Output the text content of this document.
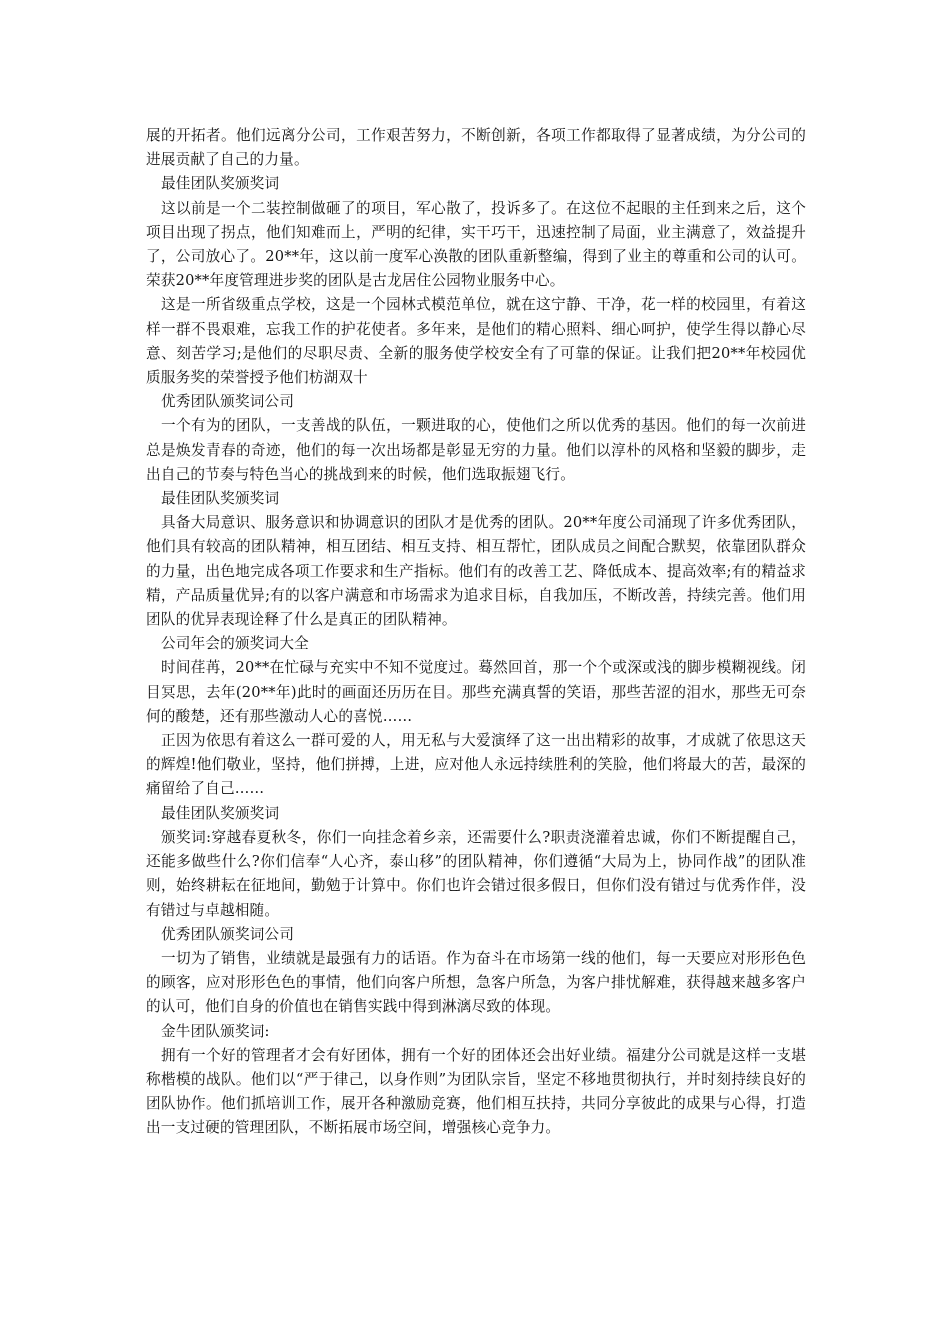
展的开拓者。他们远离分公司，工作艰苦努力，不断创新，各项工作都取得了显著成绩，为分公司的进展贡献了自己的力量。

最佳团队奖颁奖词

这以前是一个二装控制做砸了的项目，军心散了，投诉多了。在这位不起眼的主任到来之后，这个项目出现了拐点，他们知难而上，严明的纪律，实干巧干，迅速控制了局面，业主满意了，效益提升了，公司放心了。20**年，这以前一度军心涣散的团队重新整编，得到了业主的尊重和公司的认可。荣获20**年度管理进步奖的团队是古龙居住公园物业服务中心。

这是一所省级重点学校，这是一个园林式模范单位，就在这宁静、干净，花一样的校园里，有着这样一群不畏艰难，忘我工作的护花使者。多年来，是他们的精心照料、细心呵护，使学生得以静心尽意、刻苦学习;是他们的尽职尽责、全新的服务使学校安全有了可靠的保证。让我们把20**年校园优质服务奖的荣誉授予他们枋湖双十

优秀团队颁奖词公司

一个有为的团队，一支善战的队伍，一颗进取的心，使他们之所以优秀的基因。他们的每一次前进总是焕发青春的奇迹，他们的每一次出场都是彰显无穷的力量。他们以淳朴的风格和坚毅的脚步，走出自己的节奏与特色当心的挑战到来的时候，他们选取振翅飞行。

最佳团队奖颁奖词

具备大局意识、服务意识和协调意识的团队才是优秀的团队。20**年度公司涌现了许多优秀团队，他们具有较高的团队精神，相互团结、相互支持、相互帮忙，团队成员之间配合默契，依靠团队群众的力量，出色地完成各项工作要求和生产指标。他们有的改善工艺、降低成本、提高效率;有的精益求精，产品质量优异;有的以客户满意和市场需求为追求目标，自我加压，不断改善，持续完善。他们用团队的优异表现诠释了什么是真正的团队精神。

公司年会的颁奖词大全

时间荏苒，20**在忙碌与充实中不知不觉度过。蓦然回首，那一个个或深或浅的脚步模糊视线。闭目冥思，去年(20**年)此时的画面还历历在目。那些充满真誓的笑语，那些苦涩的泪水，那些无可奈何的酸楚，还有那些激动人心的喜悦……

正因为依思有着这么一群可爱的人，用无私与大爱演绎了这一出出精彩的故事，才成就了依思这天的辉煌!他们敬业，坚持，他们拼搏，上进，应对他人永远持续胜利的笑脸，他们将最大的苦，最深的痛留给了自己……

最佳团队奖颁奖词

颁奖词:穿越春夏秋冬，你们一向挂念着乡亲，还需要什么?职责浇灌着忠诚，你们不断提醒自己，还能多做些什么?你们信奉“人心齐，泰山移”的团队精神，你们遵循“大局为上，协同作战”的团队准则，始终耕耘在征地间，勤勉于计算中。你们也许会错过很多假日，但你们没有错过与优秀作伴，没有错过与卓越相随。

优秀团队颁奖词公司

一切为了销售，业绩就是最强有力的话语。作为奋斗在市场第一线的他们，每一天要应对形形色色的顾客，应对形形色色的事情，他们向客户所想，急客户所急，为客户排忧解难，获得越来越多客户的认可，他们自身的价值也在销售实践中得到淋漓尽致的体现。

金牛团队颁奖词:

拥有一个好的管理者才会有好团体，拥有一个好的团体还会出好业绩。福建分公司就是这样一支堪称楷模的战队。他们以“严于律己，以身作则”为团队宗旨，坚定不移地贯彻执行，并时刻持续良好的团队协作。他们抓培训工作，展开各种激励竞赛，他们相互扶持，共同分享彼此的成果与心得，打造出一支过硬的管理团队，不断拓展市场空间，增强核心竞争力。
